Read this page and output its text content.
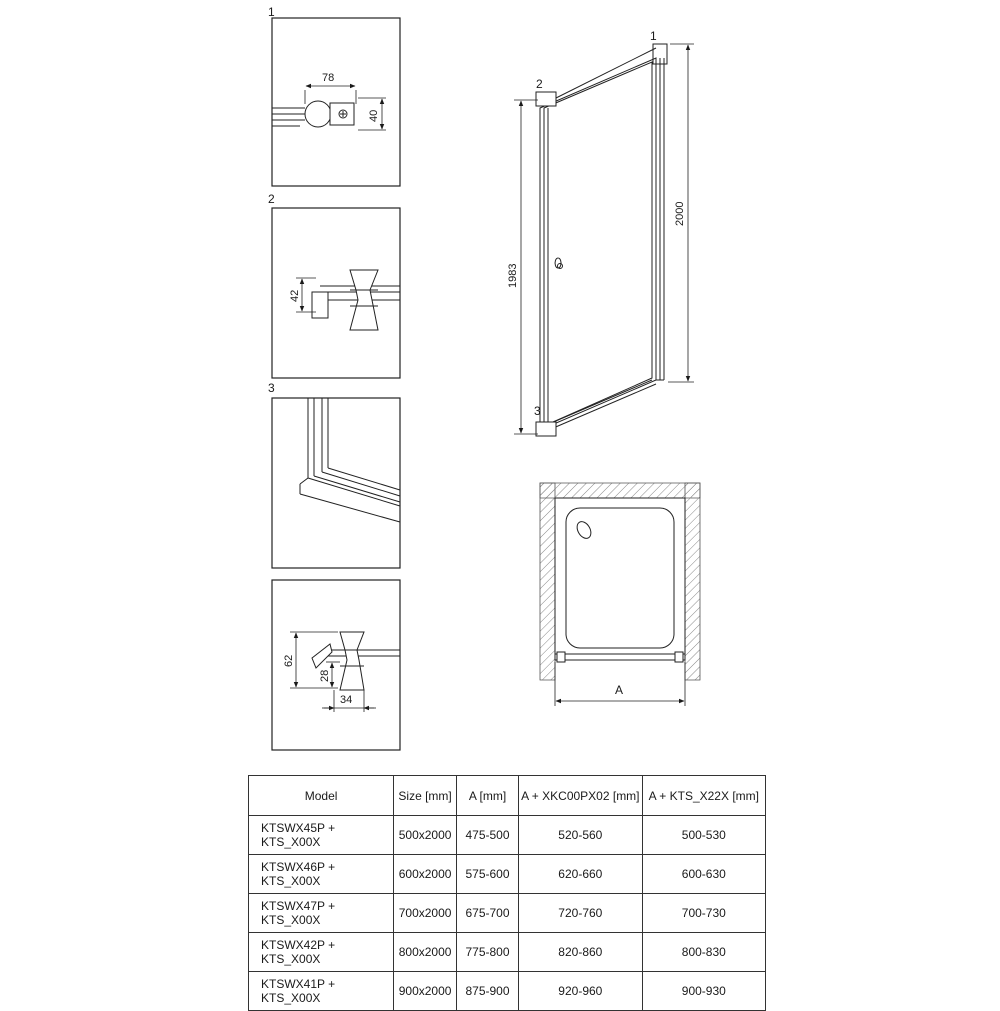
1
78
40
2
42
3
62
28
34
1
2
3
2000
1983
A
Model	Size [mm]	A [mm]	A + XKC00PX02 [mm]	A + KTS_X22X [mm]
KTSWX45P + KTS_X00X	500x2000	475-500	520-560	500-530
KTSWX46P + KTS_X00X	600x2000	575-600	620-660	600-630
KTSWX47P + KTS_X00X	700x2000	675-700	720-760	700-730
KTSWX42P + KTS_X00X	800x2000	775-800	820-860	800-830
KTSWX41P + KTS_X00X	900x2000	875-900	920-960	900-930
